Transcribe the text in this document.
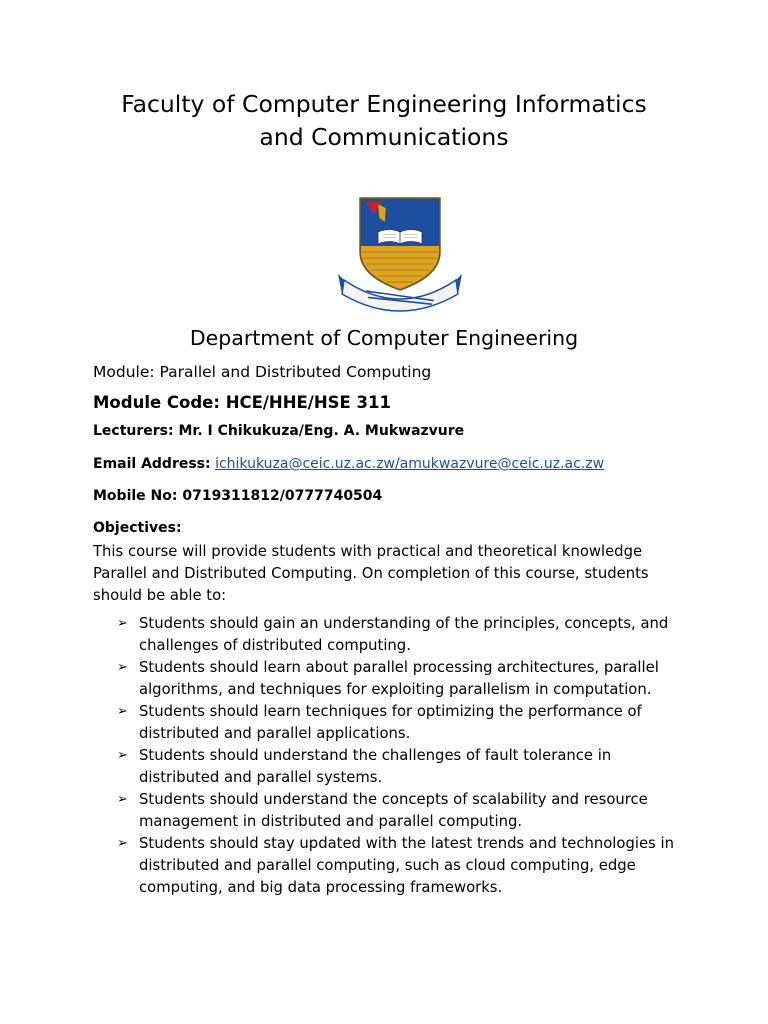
Faculty of Computer Engineering Informatics
and Communications
Department of Computer Engineering
Module: Parallel and Distributed Computing
Module Code: HCE/HHE/HSE 311
Lecturers: Mr. I Chikukuza/Eng. A. Mukwazvure
Email Address: ichikukuza@ceic.uz.ac.zw/amukwazvure@ceic.uz.ac.zw
Mobile No: 0719311812/0777740504
Objectives:
This course will provide students with practical and theoretical knowledge
Parallel and Distributed Computing. On completion of this course, students
should be able to:
➢ Students should gain an understanding of the principles, concepts, and
challenges of distributed computing.
➢ Students should learn about parallel processing architectures, parallel
algorithms, and techniques for exploiting parallelism in computation.
➢ Students should learn techniques for optimizing the performance of
distributed and parallel applications.
➢ Students should understand the challenges of fault tolerance in
distributed and parallel systems.
➢ Students should understand the concepts of scalability and resource
management in distributed and parallel computing.
➢ Students should stay updated with the latest trends and technologies in
distributed and parallel computing, such as cloud computing, edge
computing, and big data processing frameworks.
